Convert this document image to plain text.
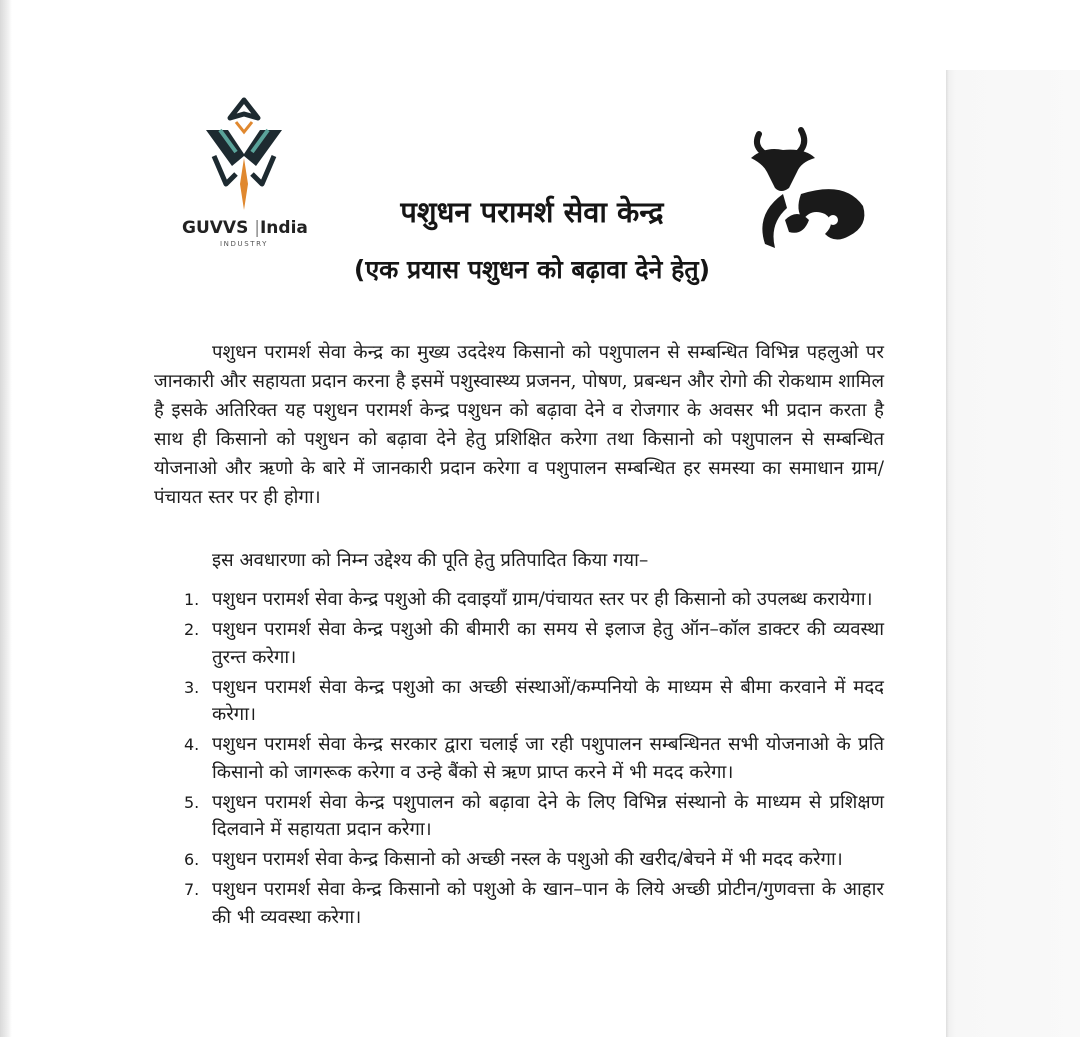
GUVVS |India
INDUSTRY
पशुधन परामर्श सेवा केन्द्र
(एक प्रयास पशुधन को बढ़ावा देने हेतु)

पशुधन परामर्श सेवा केन्द्र का मुख्य उददेश्य किसानो को पशुपालन से सम्बन्धित विभिन्न पहलुओ पर जानकारी और सहायता प्रदान करना है इसमें पशुस्वास्थ्य प्रजनन, पोषण, प्रबन्धन और रोगो की रोकथाम शामिल है इसके अतिरिक्त यह पशुधन परामर्श केन्द्र पशुधन को बढ़ावा देने व रोजगार के अवसर भी प्रदान करता है साथ ही किसानो को पशुधन को बढ़ावा देने हेतु प्रशिक्षित करेगा तथा किसानो को पशुपालन से सम्बन्धित योजनाओ और ऋणो के बारे में जानकारी प्रदान करेगा व पशुपालन सम्बन्धित हर समस्या का समाधान ग्राम/पंचायत स्तर पर ही होगा।

इस अवधारणा को निम्न उद्देश्य की पूति हेतु प्रतिपादित किया गया–

1. पशुधन परामर्श सेवा केन्द्र पशुओ की दवाइयाँ ग्राम/पंचायत स्तर पर ही किसानो को उपलब्ध करायेगा।
2. पशुधन परामर्श सेवा केन्द्र पशुओ की बीमारी का समय से इलाज हेतु ऑन–कॉल डाक्टर की व्यवस्था तुरन्त करेगा।
3. पशुधन परामर्श सेवा केन्द्र पशुओ का अच्छी संस्थाओं/कम्पनियो के माध्यम से बीमा करवाने में मदद करेगा।
4. पशुधन परामर्श सेवा केन्द्र सरकार द्वारा चलाई जा रही पशुपालन सम्बन्धिनत सभी योजनाओ के प्रति किसानो को जागरूक करेगा व उन्हे बैंको से ऋण प्राप्त करने में भी मदद करेगा।
5. पशुधन परामर्श सेवा केन्द्र पशुपालन को बढ़ावा देने के लिए विभिन्न संस्थानो के माध्यम से प्रशिक्षण दिलवाने में सहायता प्रदान करेगा।
6. पशुधन परामर्श सेवा केन्द्र किसानो को अच्छी नस्ल के पशुओ की खरीद/बेचने में भी मदद करेगा।
7. पशुधन परामर्श सेवा केन्द्र किसानो को पशुओ के खान–पान के लिये अच्छी प्रोटीन/गुणवत्ता के आहार की भी व्यवस्था करेगा।
